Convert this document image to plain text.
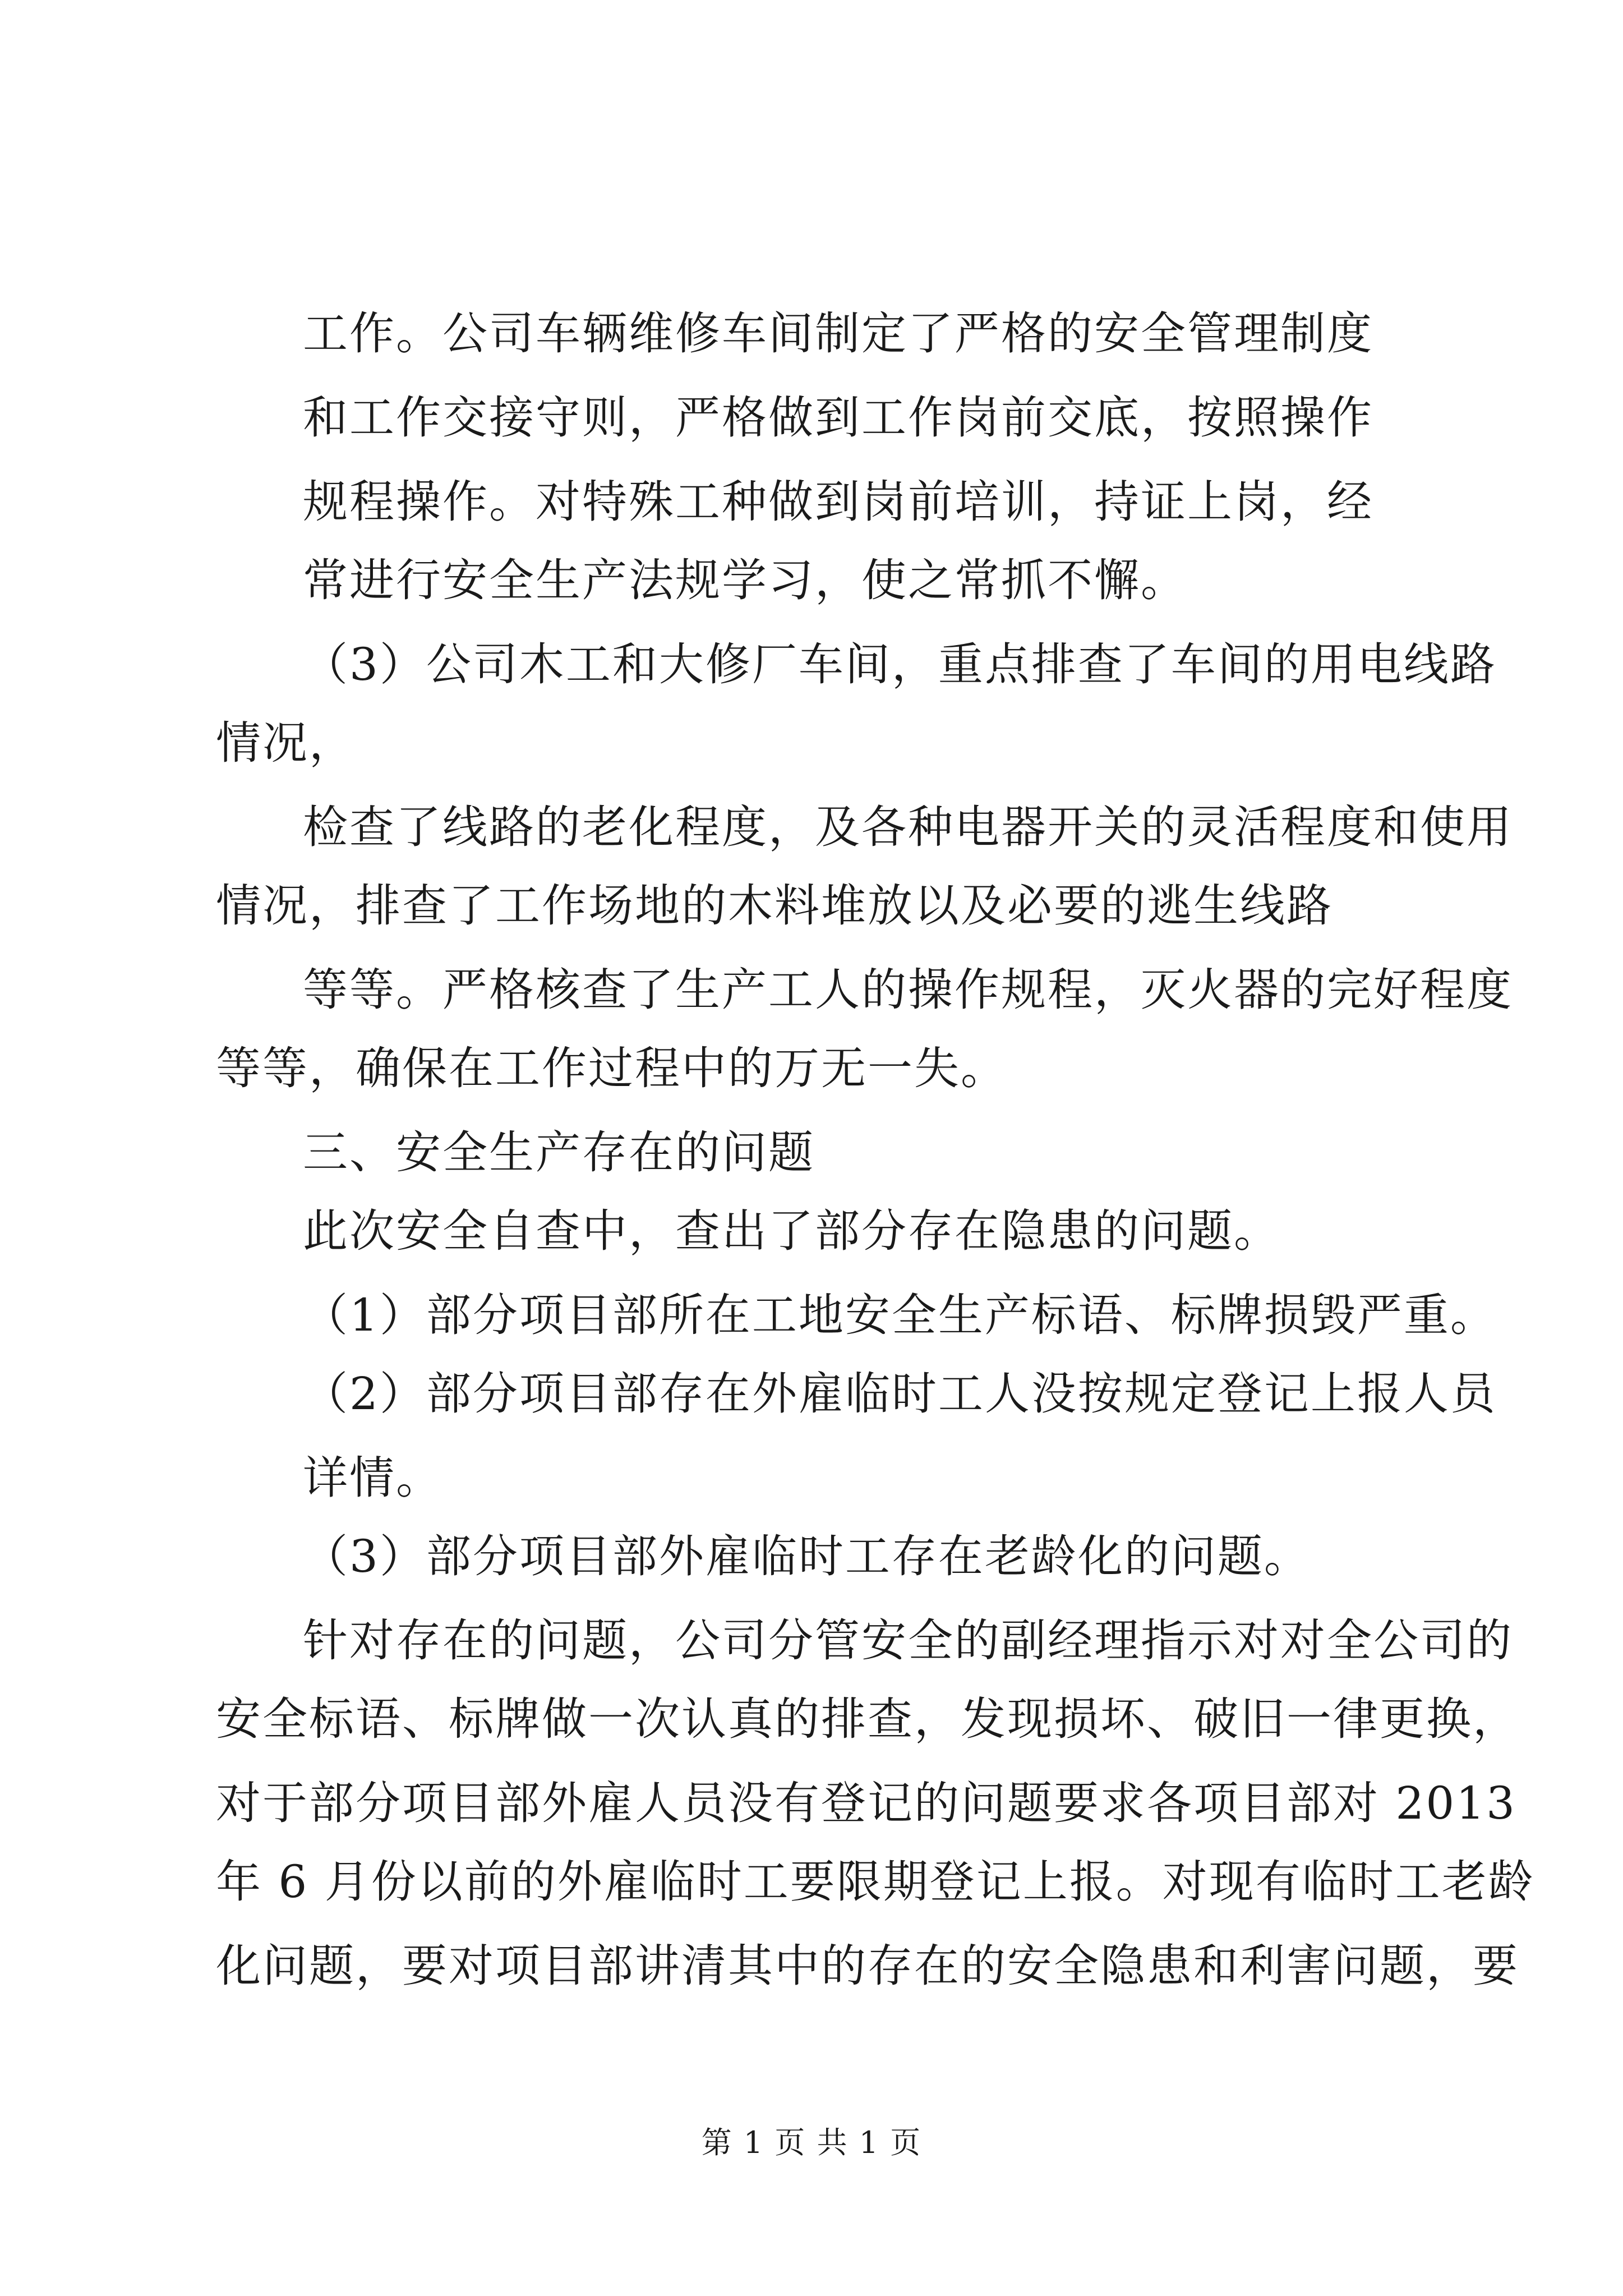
工作。公司车辆维修车间制定了严格的安全管理制度
和工作交接守则，严格做到工作岗前交底，按照操作
规程操作。对特殊工种做到岗前培训，持证上岗，经
常进行安全生产法规学习，使之常抓不懈。
（3）公司木工和大修厂车间，重点排查了车间的用电线路
情况，
检查了线路的老化程度，及各种电器开关的灵活程度和使用
情况，排查了工作场地的木料堆放以及必要的逃生线路
等等。严格核查了生产工人的操作规程，灭火器的完好程度
等等，确保在工作过程中的万无一失。
三、安全生产存在的问题
此次安全自查中，查出了部分存在隐患的问题。
（1）部分项目部所在工地安全生产标语、标牌损毁严重。
（2）部分项目部存在外雇临时工人没按规定登记上报人员
详情。
（3）部分项目部外雇临时工存在老龄化的问题。
针对存在的问题，公司分管安全的副经理指示对对全公司的
安全标语、标牌做一次认真的排查，发现损坏、破旧一律更换，
对于部分项目部外雇人员没有登记的问题要求各项目部对 2013
年 6 月份以前的外雇临时工要限期登记上报。对现有临时工老龄
化问题，要对项目部讲清其中的存在的安全隐患和利害问题，要
第 1 页 共 1 页
